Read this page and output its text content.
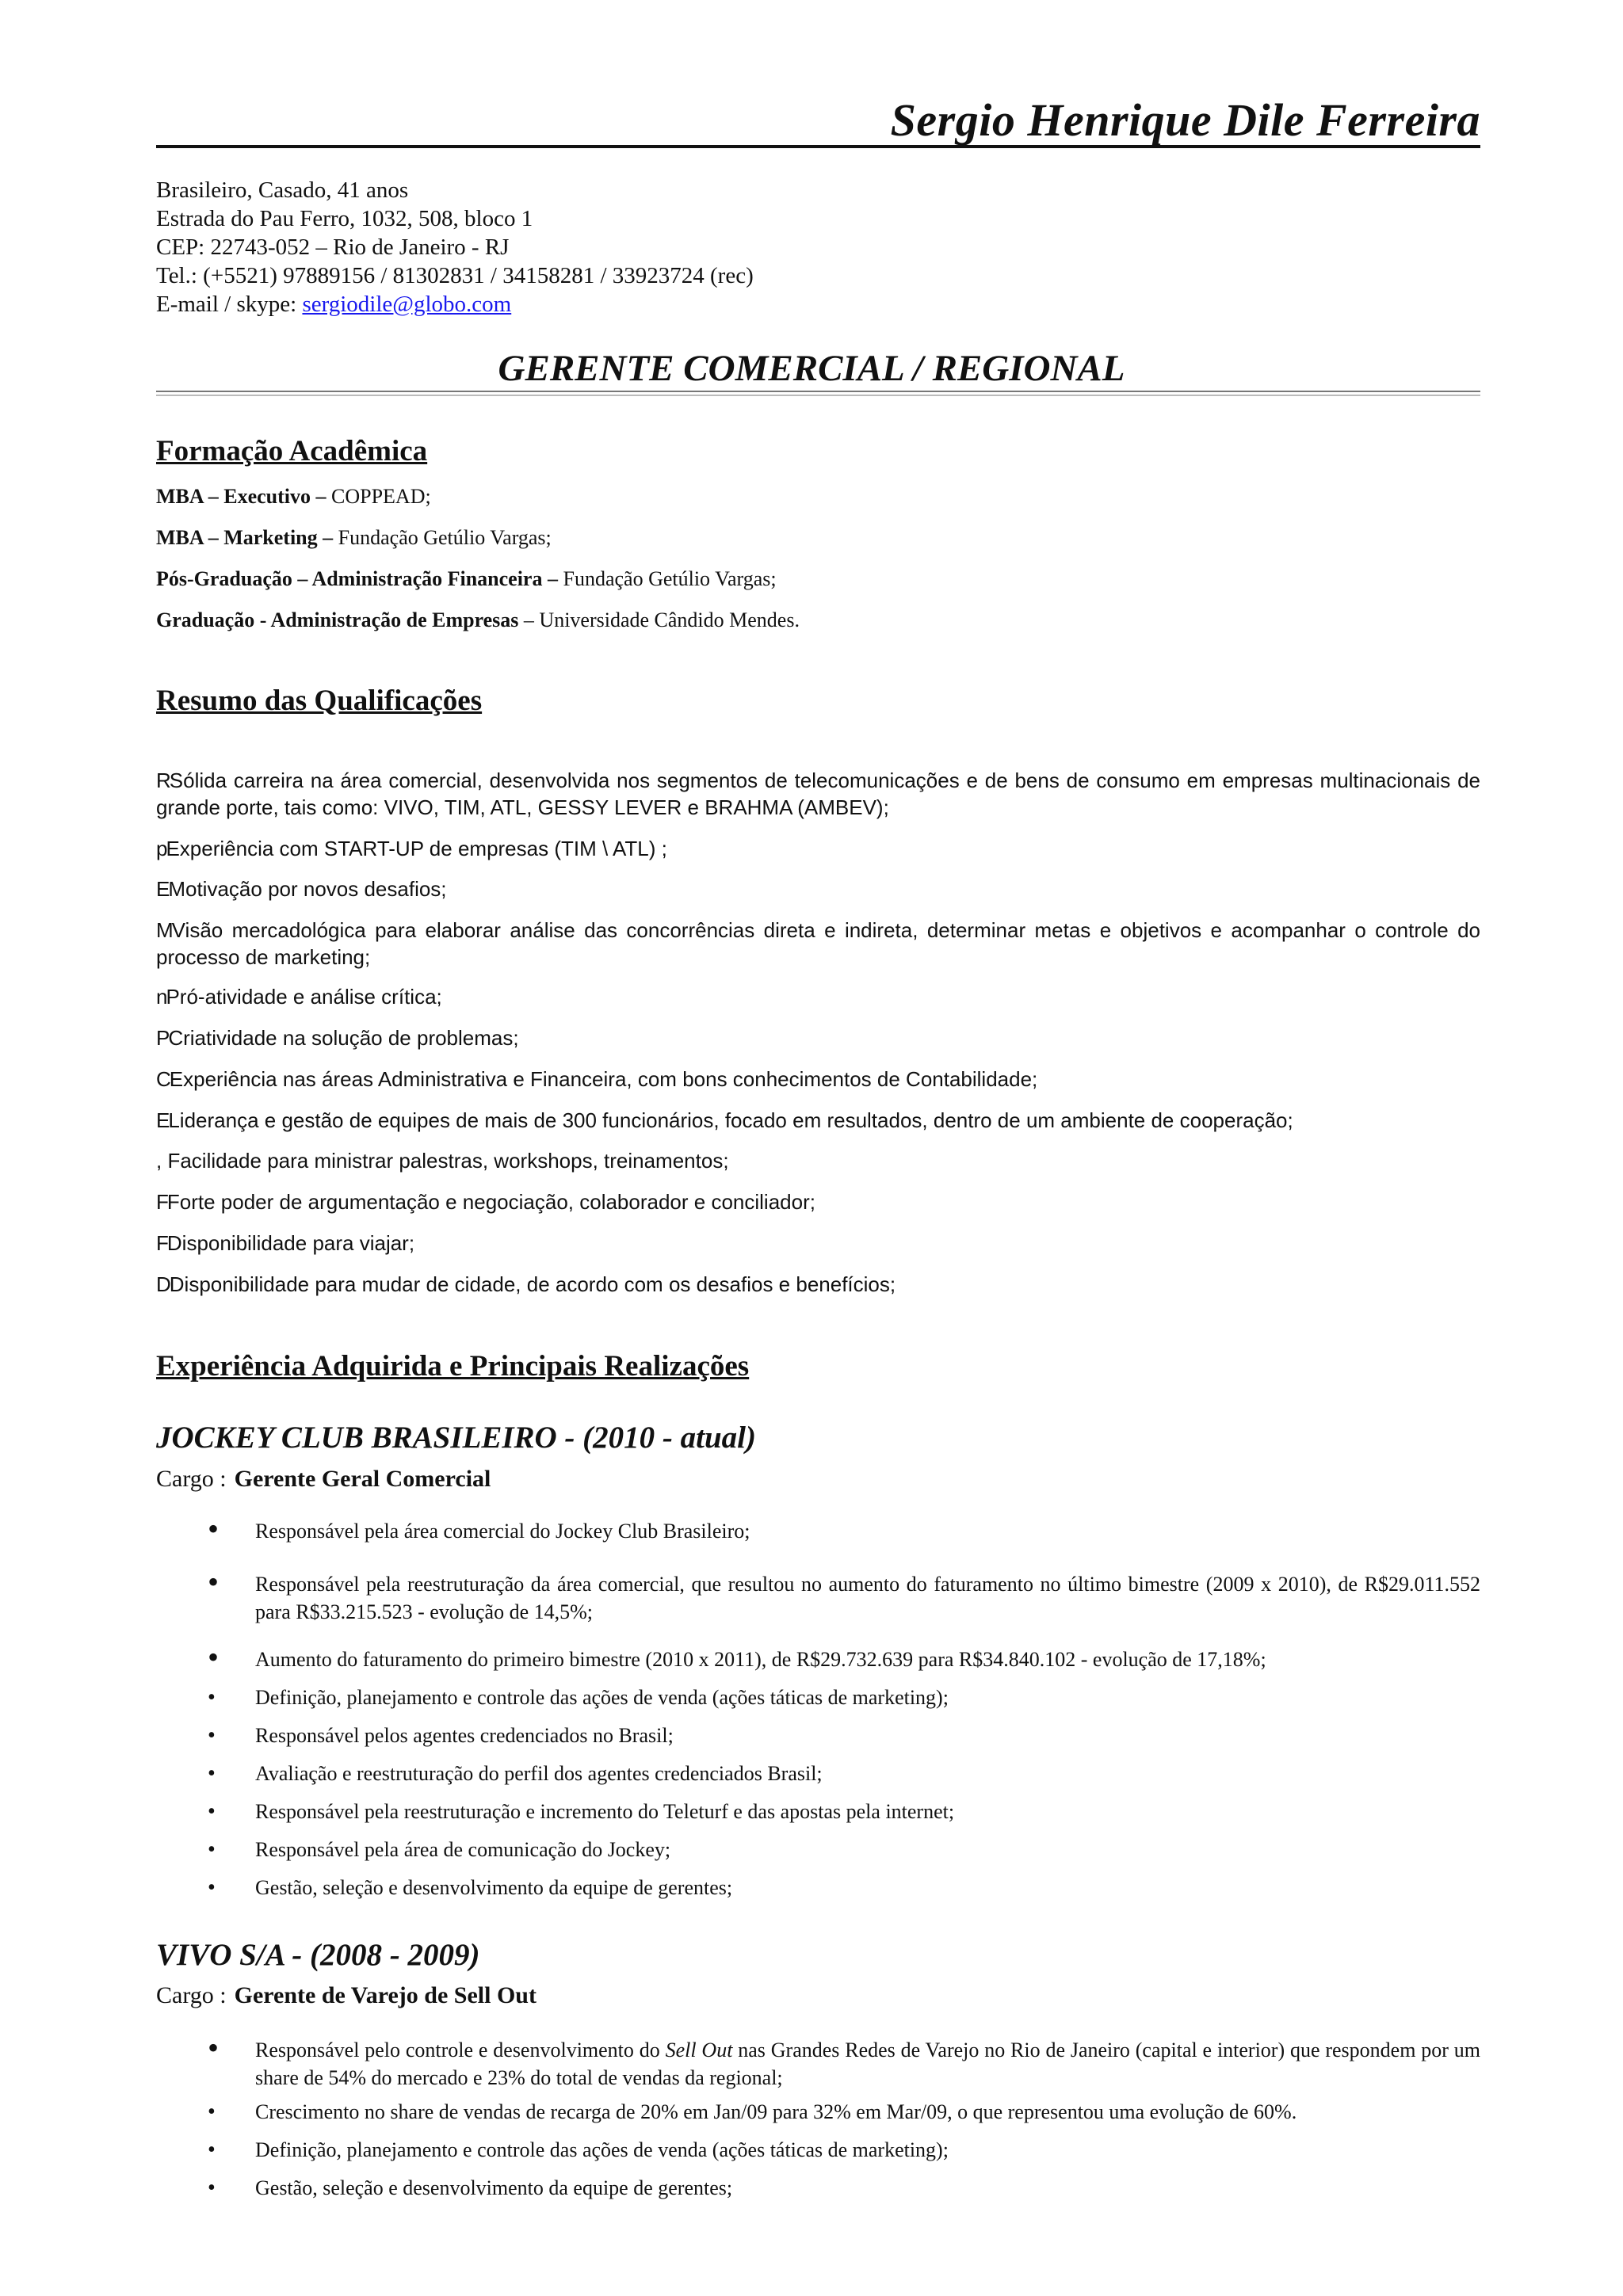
Sergio Henrique Dile Ferreira
Brasileiro, Casado, 41 anos
Estrada do Pau Ferro, 1032, 508, bloco 1
CEP: 22743-052 – Rio de Janeiro - RJ
Tel.: (+5521) 97889156 / 81302831 / 34158281 / 33923724 (rec)
E-mail / skype: sergiodile@globo.com
GERENTE COMERCIAL / REGIONAL
Formação Acadêmica
MBA – Executivo – COPPEAD;
MBA – Marketing – Fundação Getúlio Vargas;
Pós-Graduação – Administração Financeira – Fundação Getúlio Vargas;
Graduação - Administração de Empresas – Universidade Cândido Mendes.
Resumo das Qualificações
R Sólida carreira na área comercial, desenvolvida nos segmentos de telecomunicações e de bens de consumo em empresas multinacionais de grande porte, tais como: VIVO, TIM, ATL, GESSY LEVER e BRAHMA (AMBEV);
p Experiência com START-UP de empresas (TIM \ ATL) ;
E Motivação por novos desafios;
M Visão mercadológica para elaborar análise das concorrências direta e indireta, determinar metas e objetivos e acompanhar o controle do processo de marketing;
n Pró-atividade e análise crítica;
P Criatividade na solução de problemas;
C Experiência nas áreas Administrativa e Financeira, com bons conhecimentos de Contabilidade;
E Liderança e gestão de equipes de mais de 300 funcionários, focado em resultados, dentro de um ambiente de cooperação;
, Facilidade para ministrar palestras, workshops, treinamentos;
F Forte poder de argumentação e negociação, colaborador e conciliador;
F Disponibilidade para viajar;
D Disponibilidade para mudar de cidade, de acordo com os desafios e benefícios;
Experiência Adquirida e Principais Realizações
JOCKEY CLUB BRASILEIRO - (2010 - atual)
Cargo : Gerente Geral Comercial
• Responsável pela área comercial do Jockey Club Brasileiro;
• Responsável pela reestruturação da área comercial, que resultou no aumento do faturamento no último bimestre (2009 x 2010), de R$29.011.552 para R$33.215.523 - evolução de 14,5%;
• Aumento do faturamento do primeiro bimestre (2010 x 2011), de R$29.732.639 para R$34.840.102 - evolução de 17,18%;
• Definição, planejamento e controle das ações de venda (ações táticas de marketing);
• Responsável pelos agentes credenciados no Brasil;
• Avaliação e reestruturação do perfil dos agentes credenciados Brasil;
• Responsável pela reestruturação e incremento do Teleturf e das apostas pela internet;
• Responsável pela área de comunicação do Jockey;
• Gestão, seleção e desenvolvimento da equipe de gerentes;
VIVO S/A - (2008 - 2009)
Cargo : Gerente de Varejo de Sell Out
• Responsável pelo controle e desenvolvimento do Sell Out nas Grandes Redes de Varejo no Rio de Janeiro (capital e interior) que respondem por um share de 54% do mercado e 23% do total de vendas da regional;
• Crescimento no share de vendas de recarga de 20% em Jan/09 para 32% em Mar/09, o que representou uma evolução de 60%.
• Definição, planejamento e controle das ações de venda (ações táticas de marketing);
• Gestão, seleção e desenvolvimento da equipe de gerentes;
